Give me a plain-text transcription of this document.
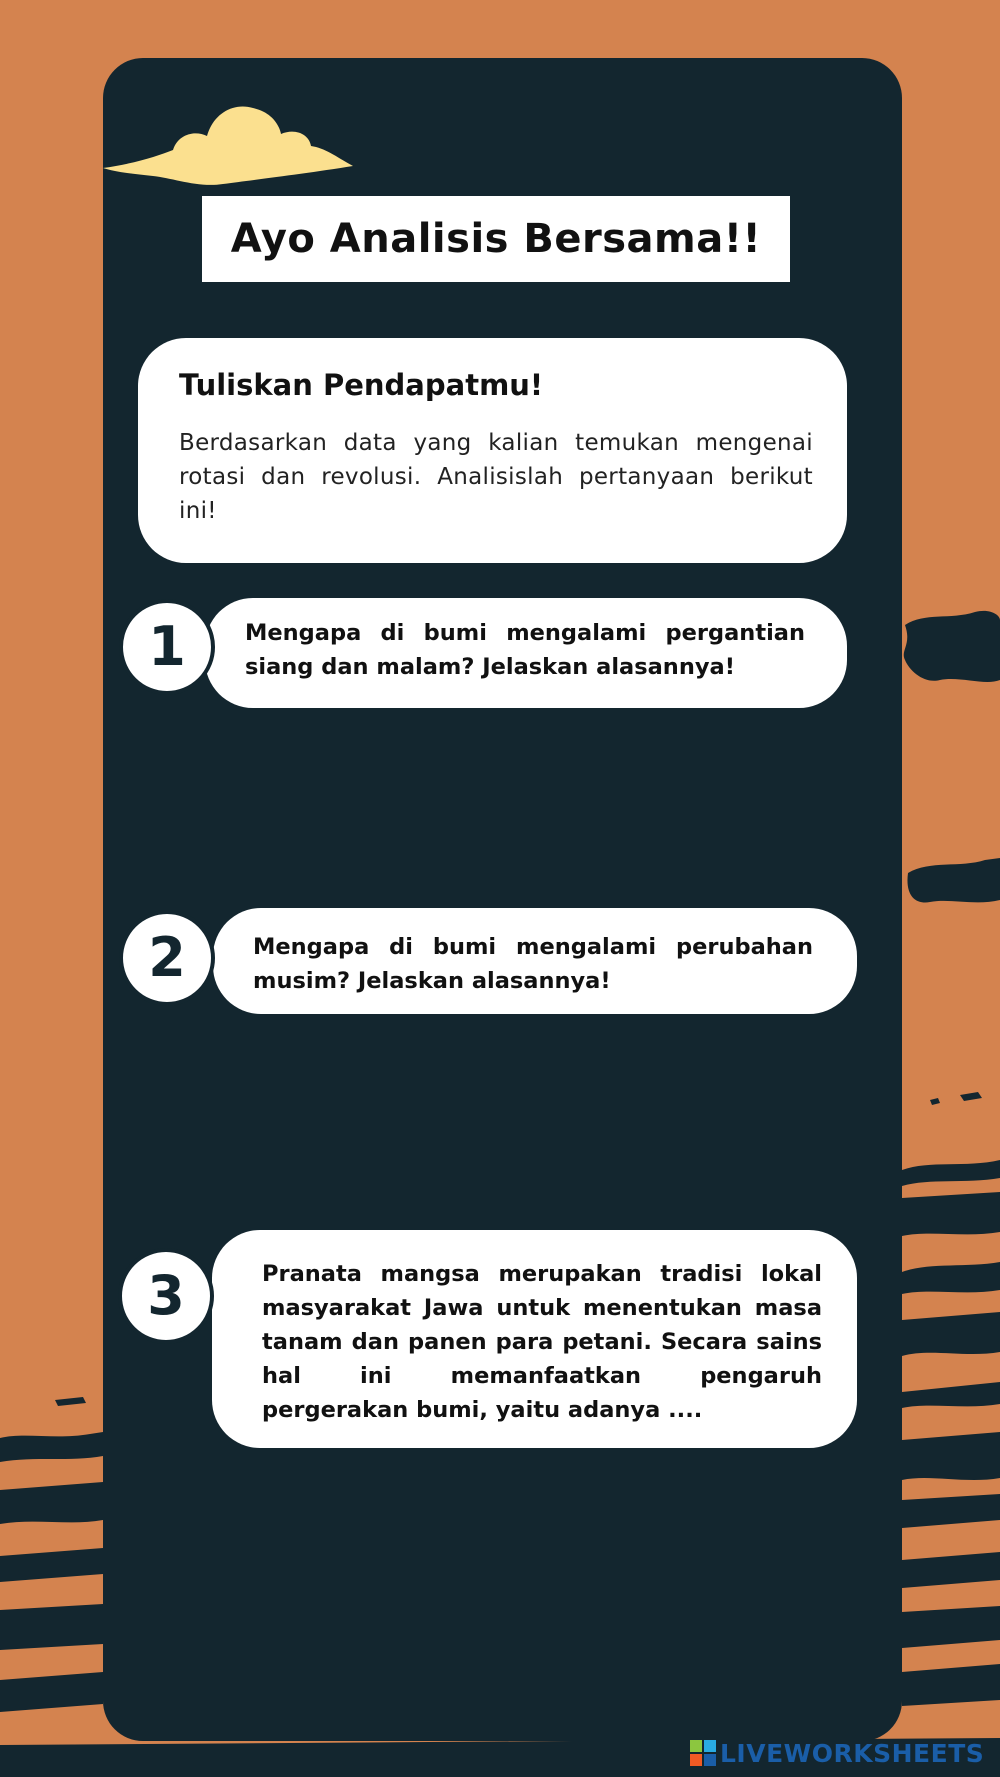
Ayo Analisis Bersama!!

Tuliskan Pendapatmu!

Berdasarkan data yang kalian temukan mengenai rotasi dan revolusi. Analisislah pertanyaan berikut ini!

Mengapa di bumi mengalami pergantian siang dan malam? Jelaskan alasannya!

1

Mengapa di bumi mengalami perubahan musim? Jelaskan alasannya!

2

Pranata mangsa merupakan tradisi lokal masyarakat Jawa untuk menentukan masa tanam dan panen para petani. Secara sains hal ini memanfaatkan pengaruh pergerakan bumi, yaitu adanya ....

3
LIVEWORKSHEETS
